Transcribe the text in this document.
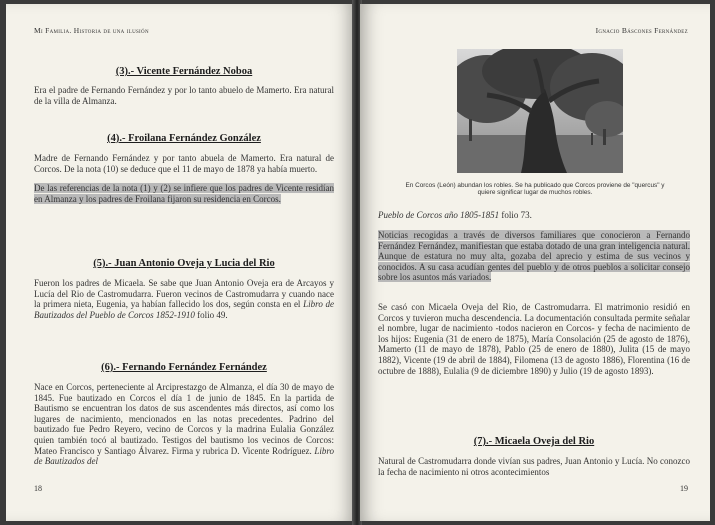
Mi Familia. Historia de una ilusión
(3).- Vicente Fernández Noboa

Era el padre de Fernando Fernández y por lo tanto abuelo de Mamerto. Era natural de la villa de Almanza.

(4).- Froilana Fernández González

Madre de Fernando Fernández y por tanto abuela de Mamerto. Era natural de Corcos. De la nota (10) se deduce que el 11 de mayo de 1878 ya había muerto.

De las referencias de la nota (1) y (2) se infiere que los padres de Vicente residían en Almanza y los padres de Froilana fijaron su residencia en Corcos.

(5).- Juan Antonio Oveja y Lucia del Rio

Fueron los padres de Micaela. Se sabe que Juan Antonio Oveja era de Arcayos y Lucía del Rio de Castromudarra. Fueron vecinos de Castromudarra y cuando nace la primera nieta, Eugenia, ya habían fallecido los dos, según consta en el Libro de Bautizados del Pueblo de Corcos 1852-1910 folio 49.

(6).- Fernando Fernández Fernández

Nace en Corcos, perteneciente al Arciprestazgo de Almanza, el día 30 de mayo de 1845. Fue bautizado en Corcos el día 1 de junio de 1845. En la partida de Bautismo se encuentran los datos de sus ascendentes más directos, así como los lugares de nacimiento, mencionados en las notas precedentes. Padrino del bautizado fue Pedro Reyero, vecino de Corcos y la madrina Eulalia González quien también tocó al bautizado. Testigos del bautismo los vecinos de Corcos: Mateo Francisco y Santiago Álvarez. Firma y rubrica D. Vicente Rodríguez. Libro de Bautizados del

18
Ignacio Báscones Fernández
En Corcos (León) abundan los robles. Se ha publicado que Corcos proviene de "quercus" y quiere significar lugar de muchos robles.

Pueblo de Corcos año 1805-1851 folio 73.

Noticias recogidas a través de diversos familiares que conocieron a Fernando Fernández Fernández, manifiestan que estaba dotado de una gran inteligencia natural. Aunque de estatura no muy alta, gozaba del aprecio y estima de sus vecinos y conocidos. A su casa acudían gentes del pueblo y de otros pueblos a solicitar consejo sobre los asuntos más variados.

Se casó con Micaela Oveja del Rio, de Castromudarra. El matrimonio residió en Corcos y tuvieron mucha descendencia. La documentación consultada permite señalar el nombre, lugar de nacimiento -todos nacieron en Corcos- y fecha de nacimiento de los hijos: Eugenia (31 de enero de 1875), María Consolación (25 de agosto de 1876), Mamerto (11 de mayo de 1878), Pablo (25 de enero de 1880), Julita (15 de mayo 1882), Vicente (19 de abril de 1884), Filomena (13 de agosto 1886), Florentina (16 de octubre de 1888), Eulalia (9 de diciembre 1890) y Julio (19 de agosto 1893).

(7).- Micaela Oveja del Rio

Natural de Castromudarra donde vivían sus padres, Juan Antonio y Lucía. No conozco la fecha de nacimiento ni otros acontecimientos

19
